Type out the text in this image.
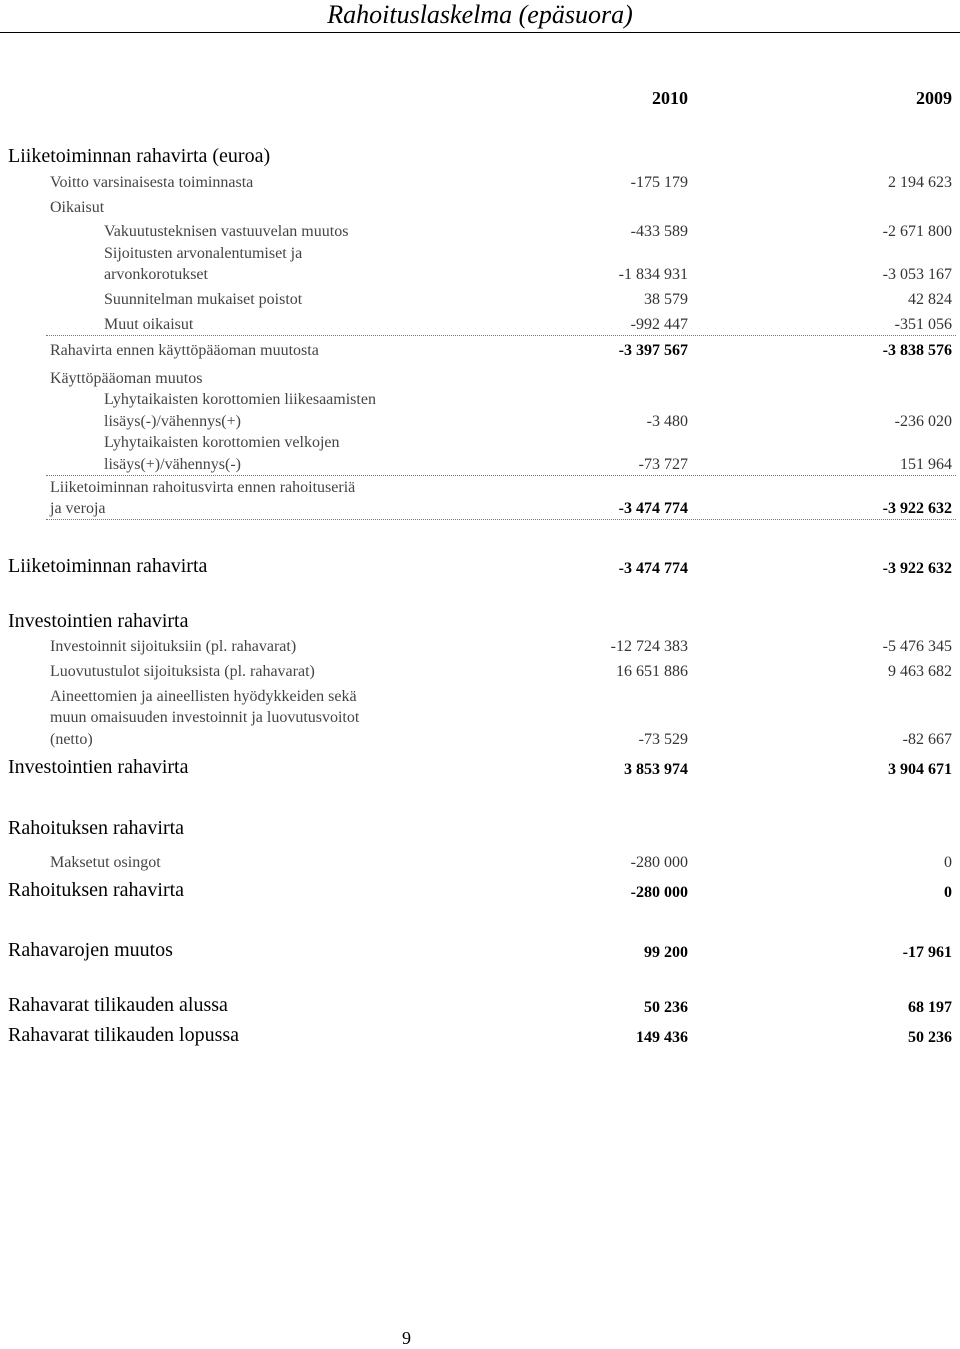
Rahoituslaskelma (epäsuora)
2010	2009
Liiketoiminnan rahavirta (euroa)
Voitto varsinaisesta toiminnasta	-175 179	2 194 623
Oikaisut
Vakuutusteknisen vastuuvelan muutos	-433 589	-2 671 800
Sijoitusten arvonalentumiset ja
arvonkorotukset	-1 834 931	-3 053 167
Suunnitelman mukaiset poistot	38 579	42 824
Muut oikaisut	-992 447	-351 056
Rahavirta ennen käyttöpääoman muutosta	-3 397 567	-3 838 576
Käyttöpääoman muutos
Lyhytaikaisten korottomien liikesaamisten
lisäys(-)/vähennys(+)	-3 480	-236 020
Lyhytaikaisten korottomien velkojen
lisäys(+)/vähennys(-)	-73 727	151 964
Liiketoiminnan rahoitusvirta ennen rahoituseriä
ja veroja	-3 474 774	-3 922 632
Liiketoiminnan rahavirta	-3 474 774	-3 922 632
Investointien rahavirta
Investoinnit sijoituksiin (pl. rahavarat)	-12 724 383	-5 476 345
Luovutustulot sijoituksista (pl. rahavarat)	16 651 886	9 463 682
Aineettomien ja aineellisten hyödykkeiden sekä
muun omaisuuden investoinnit ja luovutusvoitot
(netto)	-73 529	-82 667
Investointien rahavirta	3 853 974	3 904 671
Rahoituksen rahavirta
Maksetut osingot	-280 000	0
Rahoituksen rahavirta	-280 000	0
Rahavarojen muutos	99 200	-17 961
Rahavarat tilikauden alussa	50 236	68 197
Rahavarat tilikauden lopussa	149 436	50 236
9
